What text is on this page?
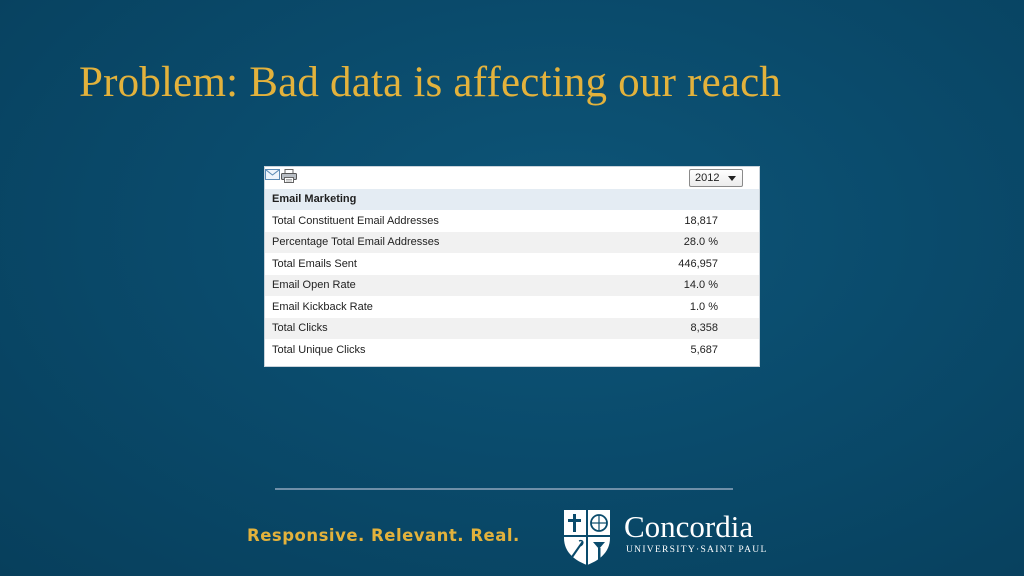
Problem: Bad data is affecting our reach
2012
Email Marketing
Total Constituent Email Addresses	18,817
Percentage Total Email Addresses	28.0 %
Total Emails Sent	446,957
Email Open Rate	14.0 %
Email Kickback Rate	1.0 %
Total Clicks	8,358
Total Unique Clicks	5,687
Responsive. Relevant. Real.	Concordia
UNIVERSITY·SAINT PAUL
